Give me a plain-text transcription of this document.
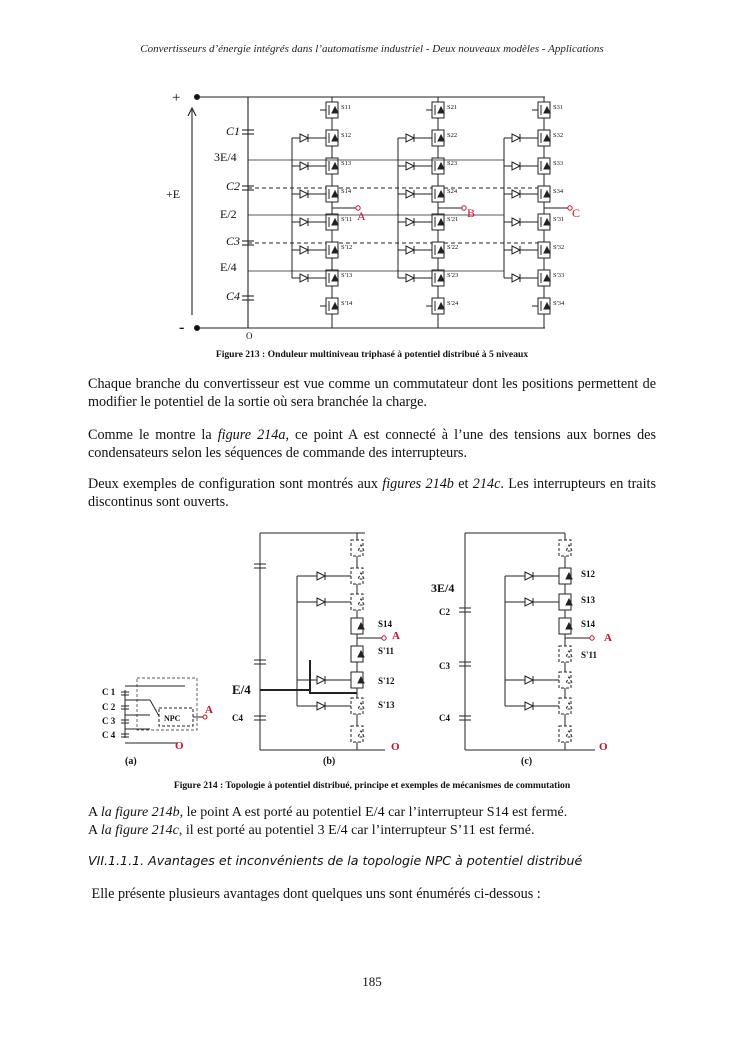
Convertisseurs d’énergie intégrés dans l’automatisme industriel - Deux nouveaux modèles - Applications
+
-
+E
C1
3E/4
C2
E/2
C3
E/4
C4
O
A	B	C
S11
S12
S13
S14
S'11
S'12
S'13
S'14
S21
S22
S23
S24
S'21
S'22
S'23
S'24
S31
S32
S33
S34
S'31
S'32
S'33
S'34
Figure 213 : Onduleur multiniveau triphasé à potentiel distribué à 5 niveaux

Chaque branche du convertisseur est vue comme un commutateur dont les positions permettent de modifier le potentiel de la sortie où sera branchée la charge.

Comme le montre la figure 214a, ce point A est connecté à l’une des tensions aux bornes des condensateurs selon les séquences de commande des interrupteurs.

Deux exemples de configuration sont montrés aux figures 214b et 214c. Les interrupteurs en traits discontinus sont ouverts.

C 1
C 2
C 3
C 4
NPC
A
O
(a)
E/4
C4
S14
S'11
S'12
S'13
A
O
(b)
3E/4
C2
C3
C4
S12
S13
S14
S'11
A
O
(c)
Figure 214 : Topologie à potentiel distribué, principe et exemples de mécanismes de commutation

A la figure 214b, le point A est porté au potentiel E/4 car l’interrupteur S14 est fermé.

A la figure 214c, il est porté au potentiel 3 E/4 car l’interrupteur S’11 est fermé.

VII.1.1.1. Avantages et inconvénients de la topologie NPC à potentiel distribué
Elle présente plusieurs avantages dont quelques uns sont énumérés ci-dessous :
185
